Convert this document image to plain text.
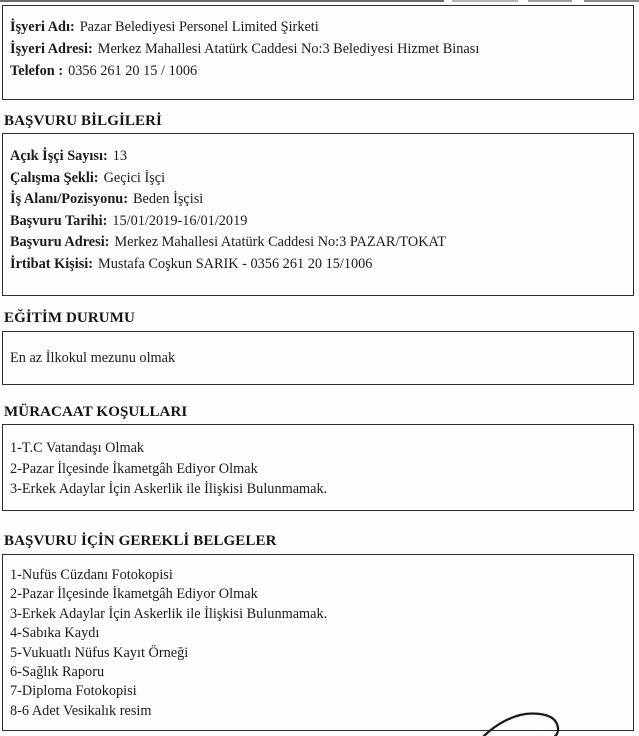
İşyeri Adı: Pazar Belediyesi Personel Limited Şirketi
İşyeri Adresi: Merkez Mahallesi Atatürk Caddesi No:3 Belediyesi Hizmet Binası
Telefon : 0356 261 20 15 / 1006
BAŞVURU BİLGİLERİ
Açık İşçi Sayısı: 13
Çalışma Şekli: Geçici İşçi
İş Alanı/Pozisyonu: Beden İşçisi
Başvuru Tarihi: 15/01/2019-16/01/2019
Başvuru Adresi: Merkez Mahallesi Atatürk Caddesi No:3 PAZAR/TOKAT
İrtibat Kişisi: Mustafa Coşkun SARIK - 0356 261 20 15/1006
EĞİTİM DURUMU
En az İlkokul mezunu olmak
MÜRACAAT KOŞULLARI
1-T.C Vatandaşı Olmak
2-Pazar İlçesinde İkametgâh Ediyor Olmak
3-Erkek Adaylar İçin Askerlik ile İlişkisi Bulunmamak.
BAŞVURU İÇİN GEREKLİ BELGELER
1-Nufüs Cüzdanı Fotokopisi
2-Pazar İlçesinde İkametgâh Ediyor Olmak
3-Erkek Adaylar İçin Askerlik ile İlişkisi Bulunmamak.
4-Sabıka Kaydı
5-Vukuatlı Nüfus Kayıt Örneği
6-Sağlık Raporu
7-Diploma Fotokopisi
8-6 Adet Vesikalık resim
